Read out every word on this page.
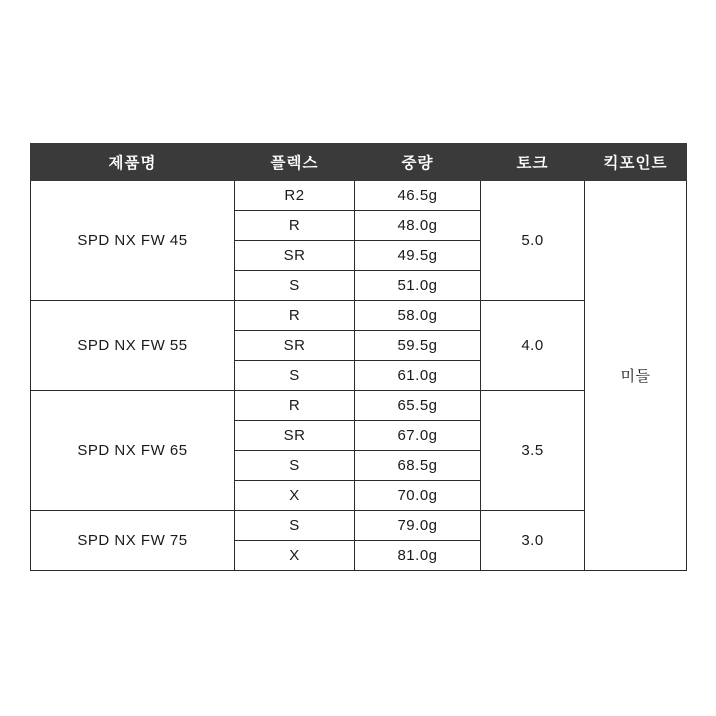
제품명	플렉스	중량	토크	킥포인트
SPD NX FW 45	R2	46.5g	5.0	미들
	R	48.0g		
	SR	49.5g		
	S	51.0g		
SPD NX FW 55	R	58.0g	4.0	
	SR	59.5g		
	S	61.0g		
SPD NX FW 65	R	65.5g	3.5	
	SR	67.0g		
	S	68.5g		
	X	70.0g		
SPD NX FW 75	S	79.0g	3.0	
	X	81.0g		
